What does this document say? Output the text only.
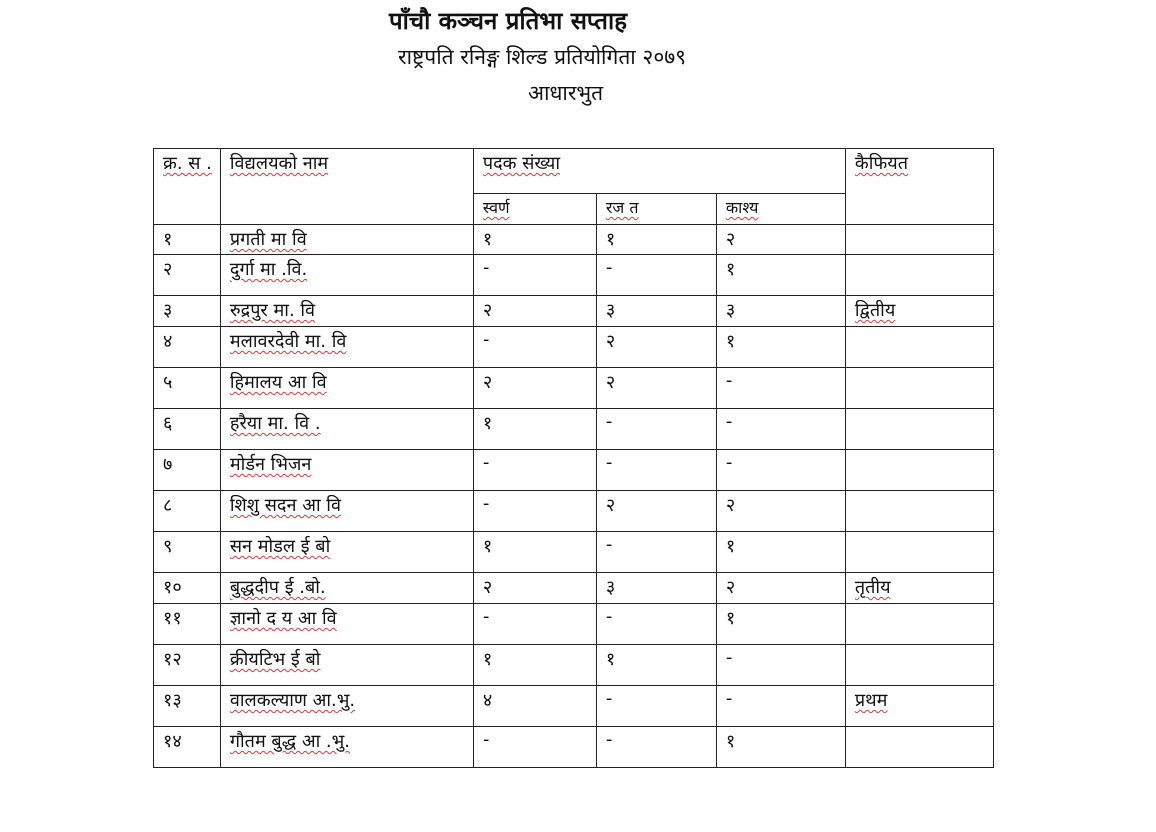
पाँचौ कञ्चन प्रतिभा सप्ताह
राष्ट्रपति रनिङ्ग शिल्ड प्रतियोगिता २०७९
आधारभुत
क्र. स .	विद्यलयको नाम	पदक संख्या			कैफियत
		स्वर्ण	रज त	काश्य	
१	प्रगती मा वि	१	१	२	
२	दुर्गा मा .वि.	-	-	१	
३	रुद्रपुर मा. वि	२	३	३	द्वितीय
४	मलावरदेवी मा. वि	-	२	१	
५	हिमालय आ वि	२	२	-	
६	हरैया मा. वि .	१	-	-	
७	मोर्डन भिजन	-	-	-	
८	शिशु सदन आ वि	-	२	२	
९	सन मोडल ई बो	१	-	१	
१०	बुद्धदीप ई .बो.	२	३	२	तृतीय
११	ज्ञानो द य आ वि	-	-	१	
१२	क्रीयटिभ ई बो	१	१	-	
१३	वालकल्याण आ.भु.	४	-	-	प्रथम
१४	गौतम बुद्ध आ .भु.	-	-	१	
